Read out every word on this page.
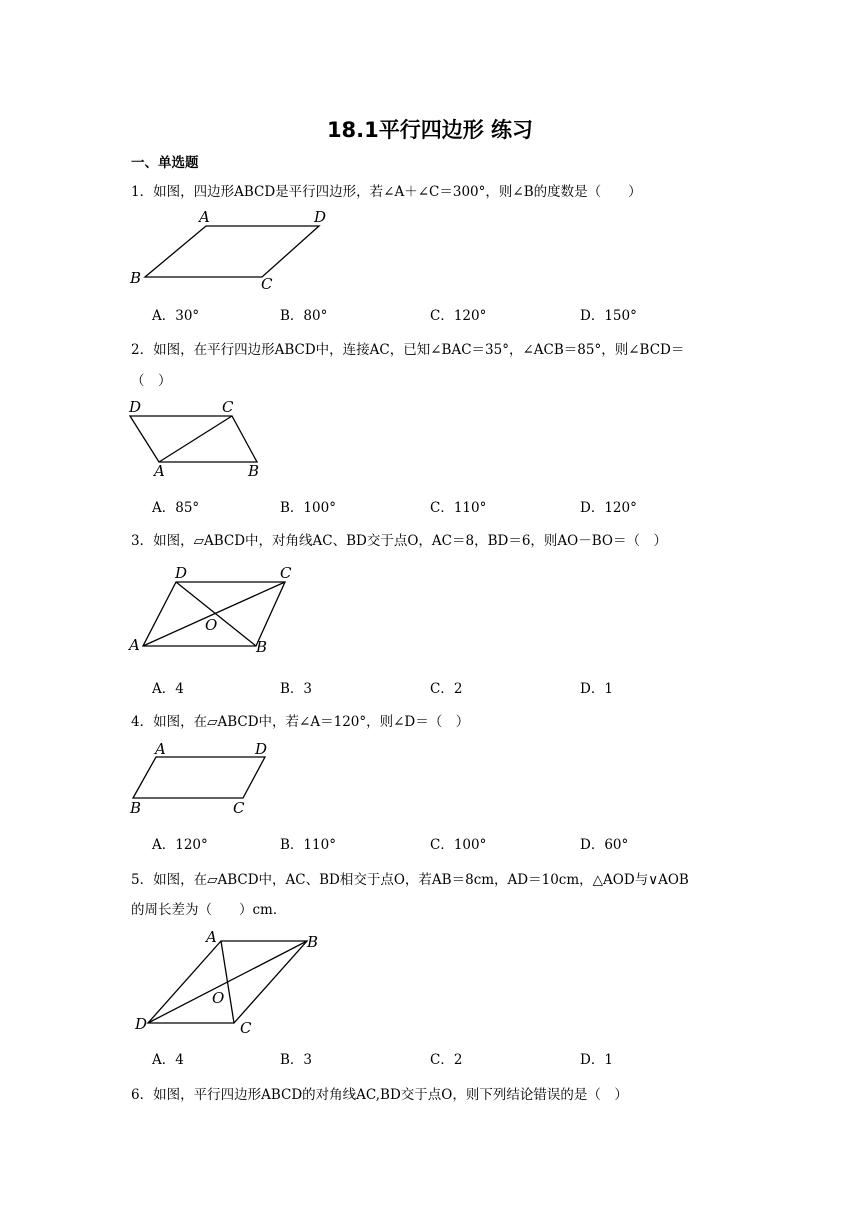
18.1平行四边形 练习
一、单选题
1．如图，四边形ABCD是平行四边形，若∠A＋∠C＝300°，则∠B的度数是（　　）
A	D
B	C
A．30°	B．80°	C．120°	D．150°
2．如图，在平行四边形ABCD中，连接AC，已知∠BAC＝35°，∠ACB＝85°，则∠BCD＝
（　）
D	C
A	B
A．85°	B．100°	C．110°	D．120°
3．如图，▱ABCD中，对角线AC、BD交于点O，AC＝8，BD＝6，则AO－BO＝（　）
D	C
O
A	B
A．4	B．3	C．2	D．1
4．如图，在▱ABCD中，若∠A＝120°，则∠D＝（　）
A	D
B	C
A．120°	B．110°	C．100°	D．60°
5．如图，在▱ABCD中，AC、BD相交于点O，若AB＝8cm，AD＝10cm，△AOD与∨AOB
的周长差为（　　）cm．
A	B
O
D	C
A．4	B．3	C．2	D．1
6．如图，平行四边形ABCD的对角线AC,BD交于点O，则下列结论错误的是（　）
